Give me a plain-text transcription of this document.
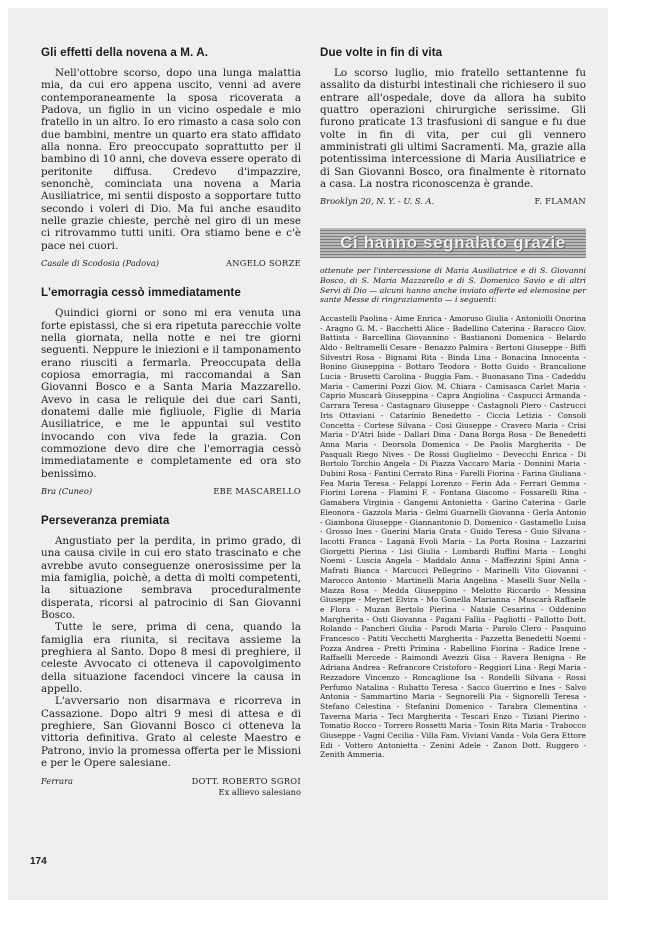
Gli effetti della novena a M. A.

Nell'ottobre scorso, dopo una lunga malattia mia, da cui ero appena uscito, venni ad avere contemporaneamente la sposa ricoverata a Padova, un figlio in un vicino ospedale e mio fratello in un altro. Io ero rimasto a casa solo con due bambini, mentre un quarto era stato affidato alla nonna. Ero preoccupato soprattutto per il bambino di 10 anni, che doveva essere operato di peritonite diffusa. Credevo d'impazzire, senonchè, cominciata una novena a Maria Ausiliatrice, mi sentii disposto a sopportare tutto secondo i voleri di Dio. Ma fui anche esaudito nelle grazie chieste, perchè nel giro di un mese ci ritrovammo tutti uniti. Ora stiamo bene e c'è pace nei cuori.

Casale di Scodosia (Padova)	ANGELO SORZE
L'emorragia cessò immediatamente

Quindici giorni or sono mi era venuta una forte epistassi, che si era ripetuta parecchie volte nella giornata, nella notte e nei tre giorni seguenti. Neppure le iniezioni e il tamponamento erano riusciti a fermarla. Preoccupata della copiosa emorragia, mi raccomandai a San Giovanni Bosco e a Santa Maria Mazzarello. Avevo in casa le reliquie dei due cari Santi, donatemi dalle mie figliuole, Figlie di Maria Ausiliatrice, e me le appuntai sul vestito invocando con viva fede la grazia. Con commozione devo dire che l'emorragia cessò immediatamente e completamente ed ora sto benissimo.

Bra (Cuneo)	EBE MASCARELLO
Perseveranza premiata

Angustiato per la perdita, in primo grado, di una causa civile in cui ero stato trascinato e che avrebbe avuto conseguenze onerosissime per la mia famiglia, poichè, a detta di molti competenti, la situazione sembrava proceduralmente disperata, ricorsi al patrocinio di San Giovanni Bosco.

Tutte le sere, prima di cena, quando la famiglia era riunita, si recitava assieme la preghiera al Santo. Dopo 8 mesi di preghiere, il celeste Avvocato ci otteneva il capovolgimento della situazione facendoci vincere la causa in appello.

L'avversario non disarmava e ricorreva in Cassazione. Dopo altri 9 mesi di attesa e di preghiere, San Giovanni Bosco ci otteneva la vittoria definitiva. Grato al celeste Maestro e Patrono, invio la promessa offerta per le Missioni e per le Opere salesiane.

Ferrara	DOTT. ROBERTO SGROI
Ex allievo salesiano
Due volte in fin di vita

Lo scorso luglio, mio fratello settantenne fu assalito da disturbi intestinali che richiesero il suo entrare all'ospedale, dove da allora ha subito quattro operazioni chirurgiche serissime. Gli furono praticate 13 trasfusioni di sangue e fu due volte in fin di vita, per cui gli vennero amministrati gli ultimi Sacramenti. Ma, grazie alla potentissima intercessione di Maria Ausiliatrice e di San Giovanni Bosco, ora finalmente è ritornato a casa. La nostra riconoscenza è grande.

Brooklyn 20, N. Y. - U. S. A.	F. FLAMAN
Ci hanno segnalato grazie

ottenute per l'intercessione di Maria Ausiliatrice e di S. Giovanni Bosco, di S. Maria Mazzarello e di S. Domenico Savio e di altri Servi di Dio — alcuni hanno anche inviato offerte ed elemosine per sante Messe di ringraziamento — i seguenti:

Accastelli Paolina - Aime Enrica - Amoruso Giulia - Antoniolli Onorina - Aragno G. M. - Bacchetti Alice - Badellino Caterina - Baracco Giov. Battista - Barcellina Giovannino - Bastianoni Domenica - Belardo Aldo - Beltramelli Cesare - Benazzo Palmira - Bertoni Giuseppe - Biffi Silvestri Rosa - Bignami Rita - Binda Lina - Bonacina Innocenta - Bonino Giuseppina - Bottaro Teodora - Botto Guido - Brancalione Lucia - Brusetti Carolina - Buggia Fam. - Buonasano Tina - Cadeddu Maria - Camerini Pozzi Giov. M. Chiara - Camisasca Carlet Maria - Caprio Muscarà Giuseppina - Capra Angiolina - Caspucci Armanda - Carrara Teresa - Castagnaro Giuseppe - Castagnoli Piero - Castrucci Iris Ottaviani - Catarinio Benedetto - Ciccia Letizia - Consoli Concetta - Cortese Silvana - Cosi Giuseppe - Cravero Maria - Crisi Maria - D'Atri Iside - Dallari Dina - Dana Borga Rosa - De Benedetti Anna Maria - Deorsola Domenica - De Paolis Margherita - De Pasquali Riego Nives - De Rossi Guglielmo - Devecchi Enrica - Di Bortolo Torchio Angela - Di Piazza Vaccaro Maria - Donnini Maria - Dubini Rosa - Fantini Cerrato Rina - Farelli Fiorina - Farina Giuliana - Fea Maria Teresa - Felappi Lorenzo - Ferin Ada - Ferrari Gemma - Fiorini Lorena - Flamini F. - Fontana Giacomo - Fossarelli Rina - Gamabera Virginia - Gangemi Antonietta - Garino Caterina - Garle Eleonora - Gazzola Maria - Gelmi Guarnelli Giovanna - Gerla Antonio - Giambona Giuseppe - Giannantonio D. Domenico - Gastamello Luisa - Grosso Ines - Guerini Maria Grata - Guido Teresa - Guio Silvana - Iacotti Franca - Laganà Evoli Maria - La Porta Rosina - Lazzarini Giorgetti Pierina - Lisi Giulia - Lombardi Ruffini Maria - Longhi Noemi - Luscia Angela - Maddalo Anna - Maffezzini Spini Anna - Mafrati Bianca - Marcucci Pellegrino - Marinelli Vito Giovanni - Marocco Antonio - Martinelli Maria Angelina - Maselli Suor Nella - Mazza Rosa - Medda Giuseppino - Melotto Riccardo - Messina Giuseppe - Meynet Elvira - Mo Gonella Marianna - Muscarà Raffaele e Flora - Muzan Bertolo Pierina - Natale Cesarina - Oddenino Margherita - Osti Giovanna - Pagani Fallia - Pagliotti - Pallotto Dott. Rolando - Pancheri Giulia - Parodi Maria - Parolo Clero - Pasquino Francesco - Patiti Vecchetti Margherita - Pazzetta Benedetti Noemi - Pozza Andrea - Pretti Primina - Rabellino Fiorina - Radice Irene - Raffaelli Mercede - Raimondi Avezzù Gisa - Ravera Benigna - Re Adriana Andrea - Refrancore Cristoforo - Reggiori Lina - Regi Maria - Rezzadore Vincenzo - Roncaglione Isa - Rondelli Silvana - Rossi Perfumo Natalina - Rubatto Teresa - Sacco Guerrino e Ines - Salvo Antonia - Sammartino Maria - Segnorelli Pia - Signorelli Teresa - Stefano Celestina - Stefanini Domenico - Tarabra Clementina - Taverna Maria - Teci Margherita - Tescari Enzo - Tiziani Pierino - Tomatio Rocco - Torrero Rossetti Maria - Tosin Rita Maria - Trabocco Giuseppe - Vagni Cecilia - Villa Fam. Viviani Vanda - Vola Gera Ettore Edi - Vottero Antonietta - Zenini Adele - Zanon Dott. Ruggero - Zenith Ammeria.

174
